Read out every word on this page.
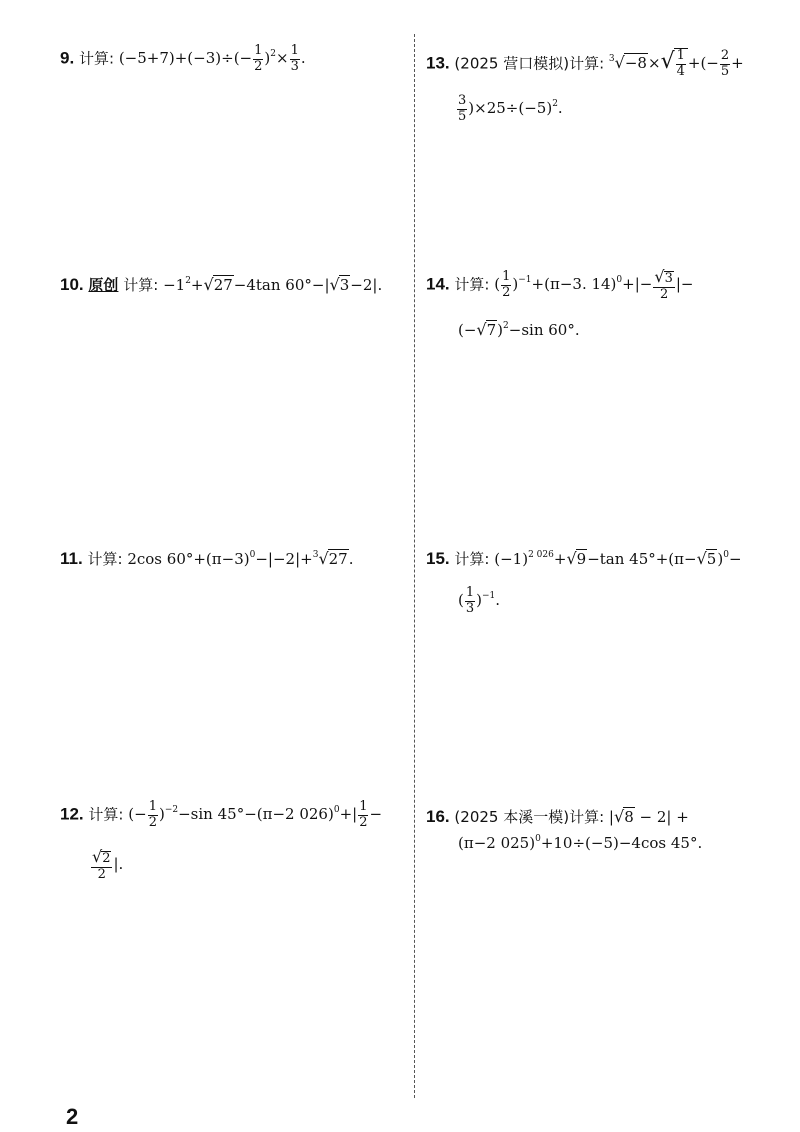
9. 计算: $(-5+7)+(-3)\div(- \frac{1}{2} )^2\times \frac{1}{3}$ .
10. 原创 计算: $-1^2+√27-4\tan$ 60°−|√3−2|.
11. 计算: 2cos $60^\circ+(\pi-3)^0-|-2|+^3√27$.
12. 计算: (− $\frac{1}{2} )^{-2}-\sin$ 45°−(π−2 $026)^0+| \frac{1}{2}$ −
$\frac{√2}{2}$ |.
13. (2025 营口模拟)计算: $^3√-8\times√ \frac{1}{4}$ +(− $\frac{2}{5}$ +
$\frac{3}{5} )\times 25\div(-5)^2$.
14. 计算: ( $\frac{1}{2} )^{-1}+(\pi-3$. $14)^0+|- \frac{√3}{2}$ |−
$(-√7)^2-\sin$ 60°.
15. 计算: $(-1)^{2 026}+√9-\tan$ $45^\circ+(\pi-√5)^0-$
( $\frac{1}{3} )^{-1}$.
16. (2025 本溪一模)计算: |√8 − 2| +
(π−2 025)$^0$+10÷(−5)−4cos 45°.
2
